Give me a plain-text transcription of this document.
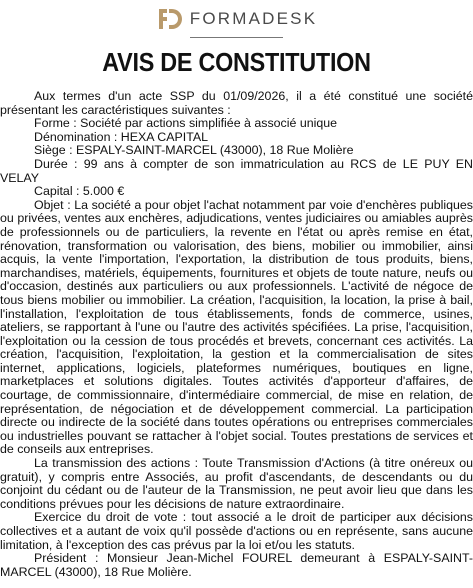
FORMADESK
AVIS DE CONSTITUTION

Aux termes d'un acte SSP du 01/09/2026, il a été constitué une société présentant les caractéristiques suivantes :

Forme : Société par actions simplifiée à associé unique

Dénomination : HEXA CAPITAL

Siège : ESPALY-SAINT-MARCEL (43000), 18 Rue Molière

Durée : 99 ans à compter de son immatriculation au RCS de LE PUY EN VELAY

Capital : 5.000 €

Objet : La société a pour objet l'achat notamment par voie d'enchères publiques ou privées, ventes aux enchères, adjudications, ventes judiciaires ou amiables auprès de professionnels ou de particuliers, la revente en l'état ou après remise en état, rénovation, transformation ou valorisation, des biens, mobilier ou immobilier, ainsi acquis, la vente l'importation, l'exportation, la distribution de tous produits, biens, marchandises, matériels, équipements, fournitures et objets de toute nature, neufs ou d'occasion, destinés aux particuliers ou aux professionnels. L'activité de négoce de tous biens mobilier ou immobilier. La création, l'acquisition, la location, la prise à bail, l'installation, l'exploitation de tous établissements, fonds de commerce, usines, ateliers, se rapportant à l'une ou l'autre des activités spécifiées. La prise, l'acquisition, l'exploitation ou la cession de tous procédés et brevets, concernant ces activités. La création, l'acquisition, l'exploitation, la gestion et la commercialisation de sites internet, applications, logiciels, plateformes numériques, boutiques en ligne, marketplaces et solutions digitales. Toutes activités d'apporteur d'affaires, de courtage, de commissionnaire, d'intermédiaire commercial, de mise en relation, de représentation, de négociation et de développement commercial. La participation directe ou indirecte de la société dans toutes opérations ou entreprises commerciales ou industrielles pouvant se rattacher à l'objet social. Toutes prestations de services et de conseils aux entreprises.

La transmission des actions : Toute Transmission d'Actions (à titre onéreux ou gratuit), y compris entre Associés, au profit d'ascendants, de descendants ou du conjoint du cédant ou de l'auteur de la Transmission, ne peut avoir lieu que dans les conditions prévues pour les décisions de nature extraordinaire.

Exercice du droit de vote : tout associé a le droit de participer aux décisions collectives et a autant de voix qu'il possède d'actions ou en représente, sans aucune limitation, à l'exception des cas prévus par la loi et/ou les statuts.

Président : Monsieur Jean-Michel FOUREL demeurant à ESPALY-SAINT-MARCEL (43000), 18 Rue Molière.
